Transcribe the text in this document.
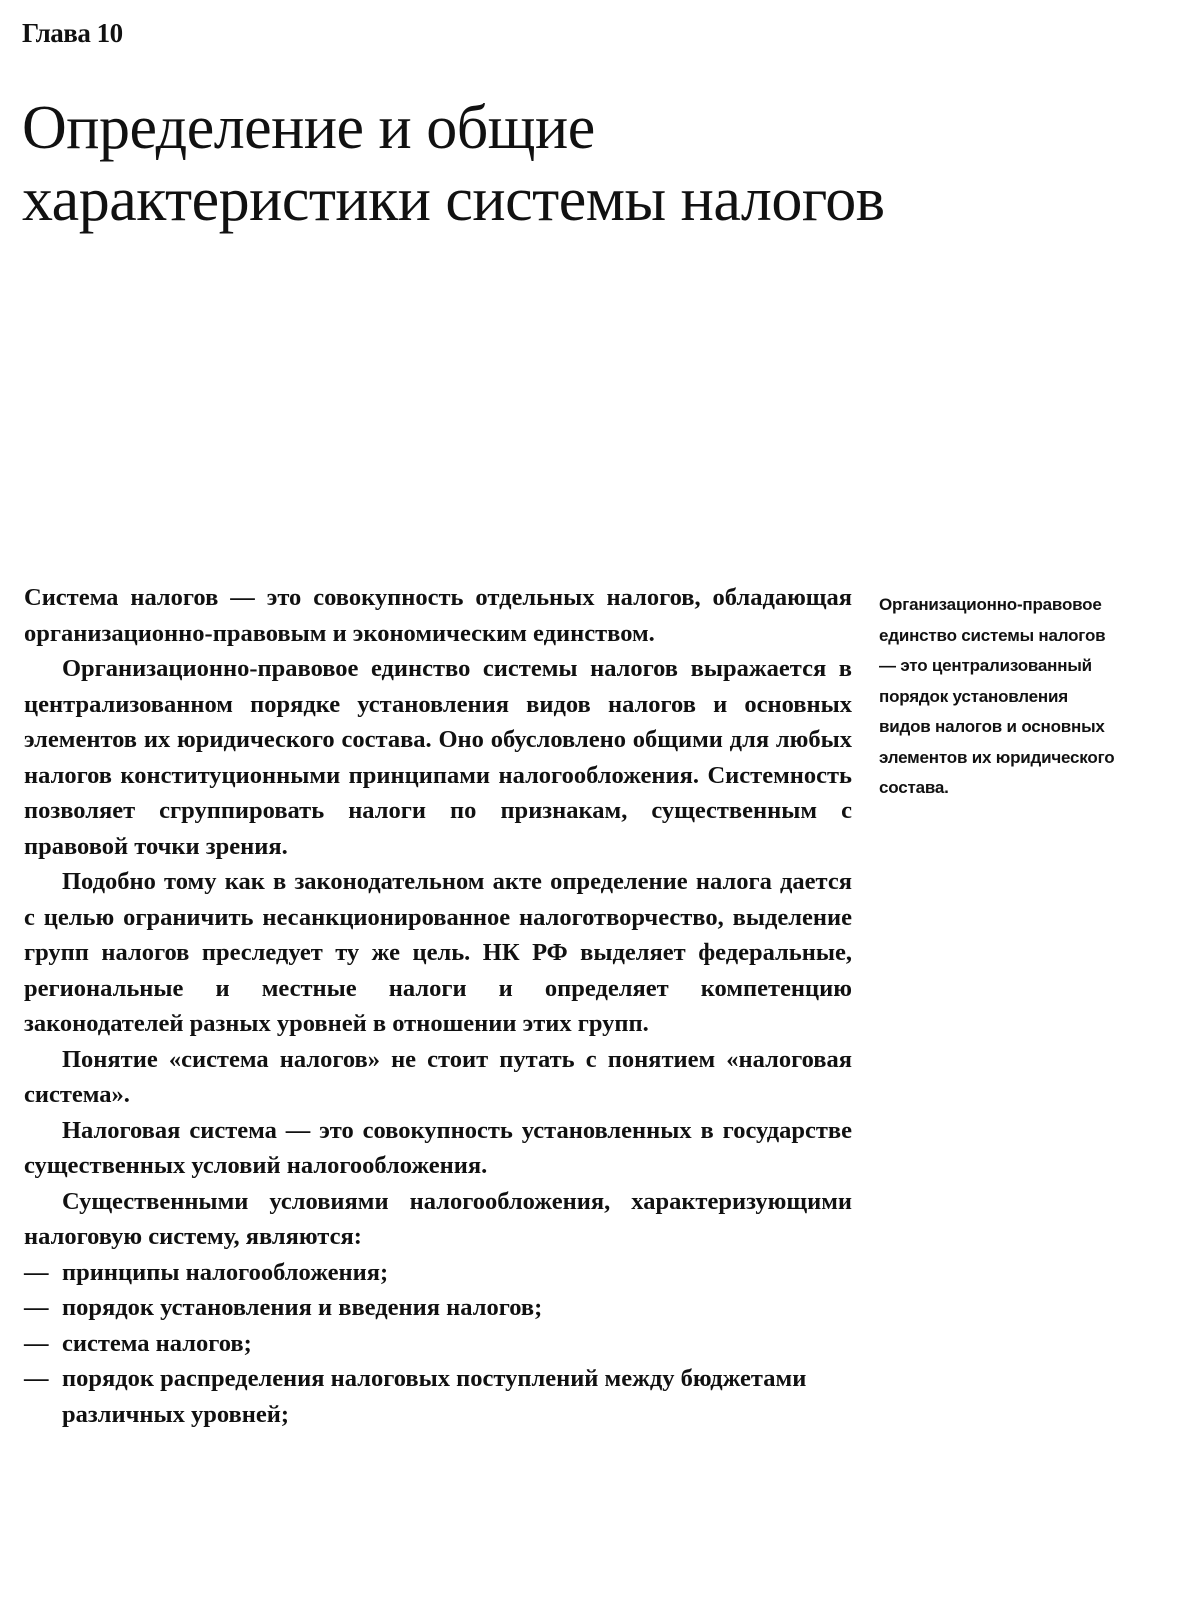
Глава 10
Определение и общие характеристики системы налогов

Система налогов — это совокупность отдельных налогов, обладающая организационно-правовым и экономическим единством.

Организационно-правовое единство системы налогов выражается в централизованном порядке установления видов налогов и основных элементов их юридического состава. Оно обусловлено общими для любых налогов конституционными принципами налогообложения. Системность позволяет сгруппировать налоги по признакам, существенным с правовой точки зрения.

Подобно тому как в законодательном акте определение налога дается с целью ограничить несанкционированное налоготворчество, выделение групп налогов преследует ту же цель. НК РФ выделяет федеральные, региональные и местные налоги и определяет компетенцию законодателей разных уровней в отношении этих групп.

Понятие «система налогов» не стоит путать с понятием «налоговая система».

Налоговая система — это совокупность установленных в государстве существенных условий налогообложения.

Существенными условиями налогообложения, характеризующими налоговую систему, являются:

— принципы налогообложения;
— порядок установления и введения налогов;
— система налогов;
— порядок распределения налоговых поступлений между бюджетами различных уровней;
Организационно-правовое единство системы налогов — это централизованный порядок установления видов налогов и основных элементов их юридического состава.
